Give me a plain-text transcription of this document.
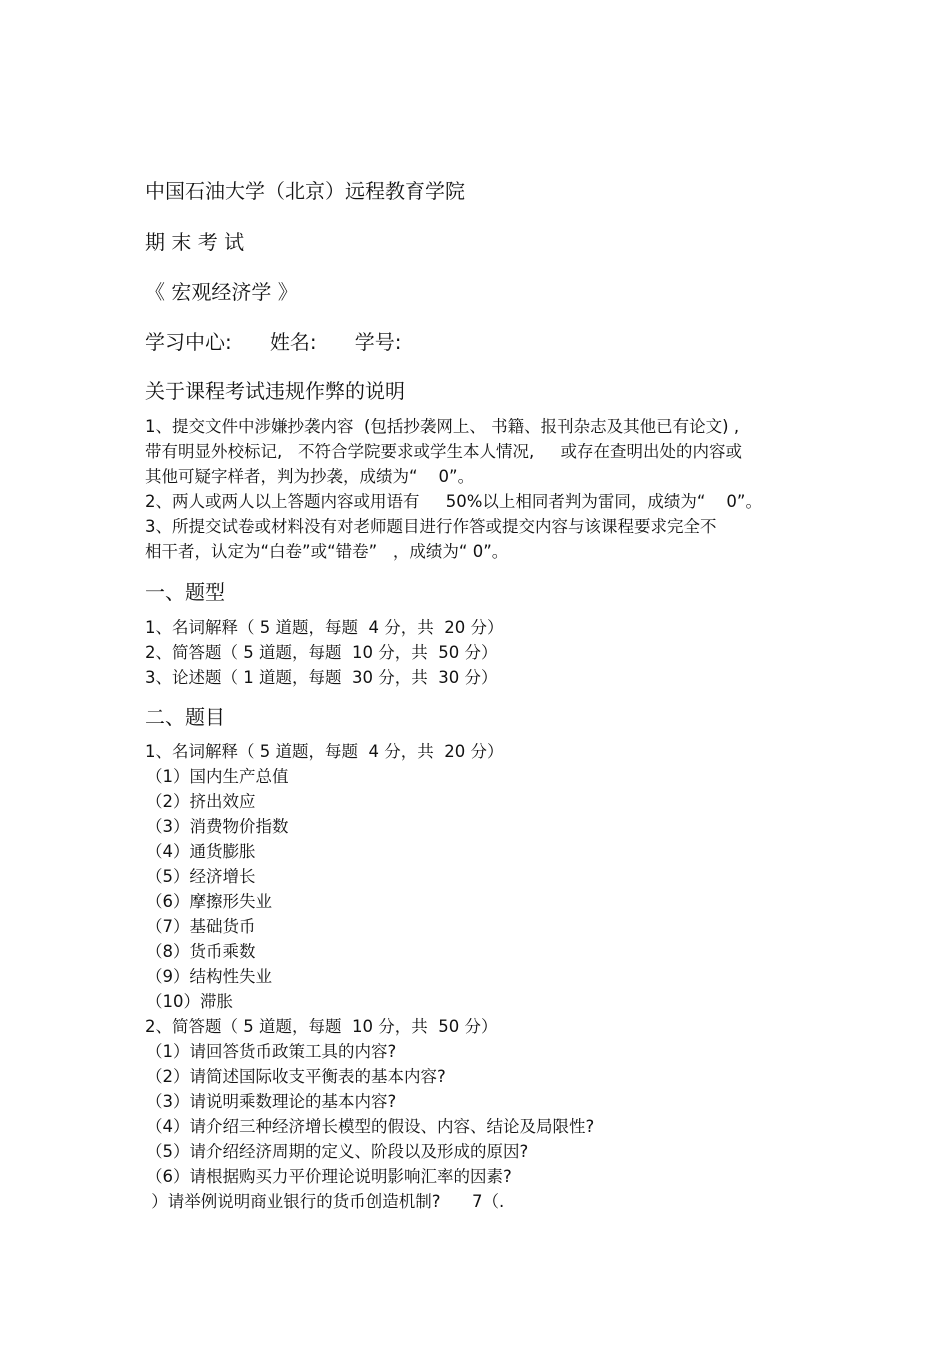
中国石油大学（北京）远程教育学院
期 末 考 试
《 宏观经济学 》
学习中心:      姓名:      学号:
关于课程考试违规作弊的说明
1、提交文件中涉嫌抄袭内容  (包括抄袭网上、 书籍、报刊杂志及其他已有论文) ,
带有明显外校标记,   不符合学院要求或学生本人情况,     或存在查明出处的内容或
其他可疑字样者，判为抄袭，成绩为“    0”。
2、两人或两人以上答题内容或用语有     50%以上相同者判为雷同，成绩为“    0”。
3、所提交试卷或材料没有对老师题目进行作答或提交内容与该课程要求完全不
相干者，认定为“白卷”或“错卷”   ，成绩为“ 0”。
一、题型
1、名词解释（ 5 道题，每题  4 分，共  20 分）
2、简答题（ 5 道题，每题  10 分，共  50 分）
3、论述题（ 1 道题，每题  30 分，共  30 分）
二、题目
1、名词解释（ 5 道题，每题  4 分，共  20 分）
（1）国内生产总值
（2）挤出效应
（3）消费物价指数
（4）通货膨胀
（5）经济增长
（6）摩擦形失业
（7）基础货币
（8）货币乘数
（9）结构性失业
（10）滞胀
2、简答题（ 5 道题，每题  10 分，共  50 分）
（1）请回答货币政策工具的内容?
（2）请简述国际收支平衡表的基本内容?
（3）请说明乘数理论的基本内容?
（4）请介绍三种经济增长模型的假设、内容、结论及局限性?
（5）请介绍经济周期的定义、阶段以及形成的原因?
（6）请根据购买力平价理论说明影响汇率的因素?
）请举例说明商业银行的货币创造机制?      7（.
